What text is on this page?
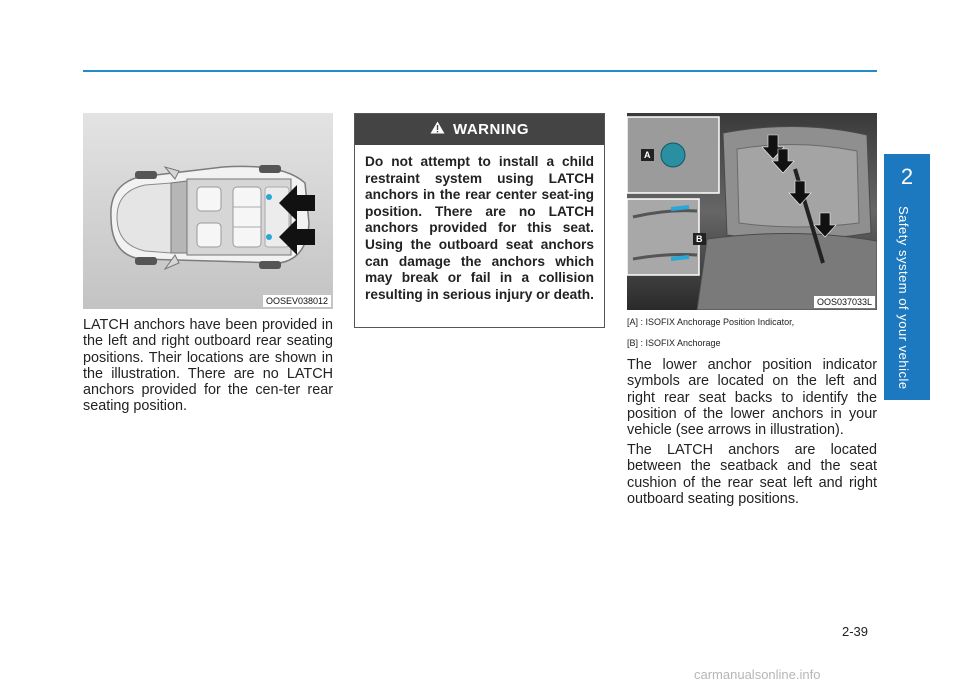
2
Safety system of your vehicle
OOSEV038012

LATCH anchors have been provided in the left and right outboard rear seating positions. Their locations are shown in the illustration. There are no LATCH anchors provided for the cen-ter rear seating position.

WARNING

Do not attempt to install a child restraint system using LATCH anchors in the rear center seat-ing position. There are no LATCH anchors provided for this seat. Using the outboard seat anchors can damage the anchors which may break or fail in a collision resulting in serious injury or death.

A
B
OOS037033L

[A] : ISOFIX Anchorage Position Indicator,

[B] : ISOFIX Anchorage

The lower anchor position indicator symbols are located on the left and right rear seat backs to identify the position of the lower anchors in your vehicle (see arrows in illustration).

The LATCH anchors are located between the seatback and the seat cushion of the rear seat left and right outboard seating positions.

2-39
carmanualsonline.info
